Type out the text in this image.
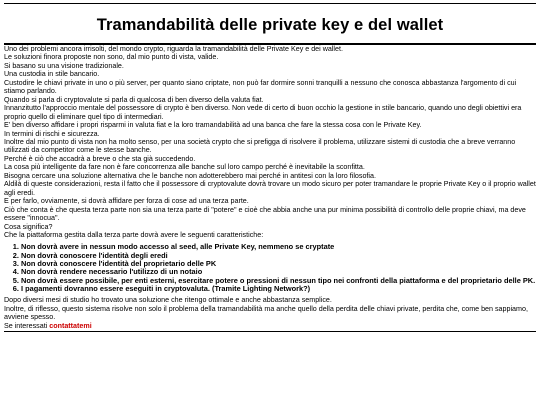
Tramandabilità delle private key e del wallet

Uno dei problemi ancora irrisolti, del mondo crypto, riguarda la tramandabilità delle Private Key e dei wallet.

Le soluzioni finora proposte non sono, dal mio punto di vista, valide.

Si basano su una visione tradizionale.

Una custodia in stile bancario.

Custodire le chiavi private in uno o più server, per quanto siano criptate, non può far dormire sonni tranquilli a nessuno che conosca abbastanza l'argomento di cui stiamo parlando.

Quando si parla di cryptovalute si parla di qualcosa di ben diverso della valuta fiat.

Innanzitutto l'approccio mentale del possessore di crypto è ben diverso. Non vede di certo di buon occhio la gestione in stile bancario, quando uno degli obiettivi era proprio quello di eliminare quel tipo di intermediari.

E' ben diverso affidare i propri risparmi in valuta fiat e la loro tramandabilità ad una banca che fare la stessa cosa con le Private Key.

In termini di rischi e sicurezza.

Inoltre dal mio punto di vista non ha molto senso, per una società crypto che si prefigga di risolvere il problema, utilizzare sistemi di custodia che a breve verranno utilizzati da competitor come le stesse banche.

Perché è ciò che accadrà a breve o che sta già succedendo.

La cosa più intelligente da fare non è fare concorrenza alle banche sul loro campo perché è inevitabile la sconfitta.

Bisogna cercare una soluzione alternativa che le banche non adotterebbero mai perché in antitesi con la loro filosofia.

Aldilà di queste considerazioni, resta il fatto che il possessore di cryptovalute dovrà trovare un modo sicuro per poter tramandare le proprie Private Key o il proprio wallet agli eredi.

E per farlo, ovviamente, si dovrà affidare per forza di cose ad una terza parte.

Ciò che conta è che questa terza parte non sia una terza parte di "potere" e cioè che abbia anche una pur minima possibilità di controllo delle proprie chiavi, ma deve essere "innocua".

Cosa significa?

Che la piattaforma gestita dalla terza parte dovrà avere le seguenti caratteristiche:

1. Non dovrà avere in nessun modo accesso al seed, alle Private Key, nemmeno se cryptate
2. Non dovrà conoscere l'identità degli eredi
3. Non dovrà conoscere l'identità del proprietario delle PK
4. Non dovrà rendere necessario l'utilizzo di un notaio
5. Non dovrà essere possibile, per enti esterni, esercitare potere o pressioni di nessun tipo nei confronti della piattaforma e del proprietario delle PK.
6. I pagamenti dovranno essere eseguiti in cryptovaluta. (Tramite Lighting Network?)

Dopo diversi mesi di studio ho trovato una soluzione che ritengo ottimale e anche abbastanza semplice.

Inoltre, di riflesso, questo sistema risolve non solo il problema della tramandabilità ma anche quello della perdita delle chiavi private, perdita che, come ben sappiamo, avviene spesso.

Se interessati contattatemi
